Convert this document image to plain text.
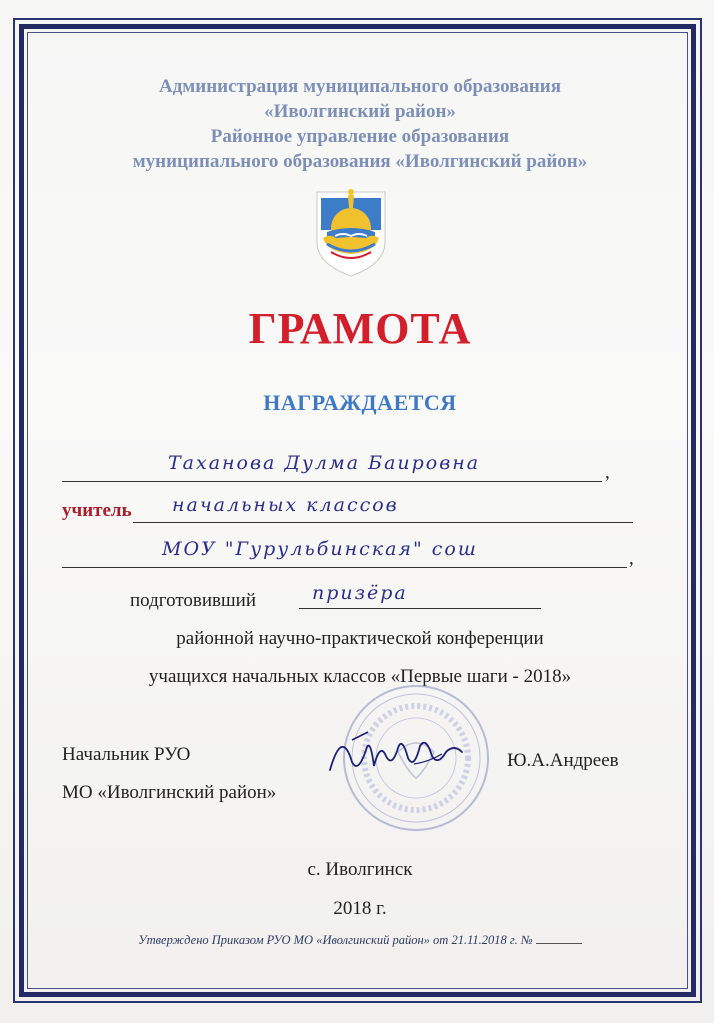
Администрация муниципального образования
«Иволгинский район»
Районное управление образования
муниципального образования «Иволгинский район»
ГРАМОТА
НАГРАЖДАЕТСЯ
Таханова Дулма Баировна	,
учитель начальных классов
МОУ "Гурульбинская" сош	,
подготовивший	призёра
районной научно-практической конференции
учащихся начальных классов «Первые шаги - 2018»
Начальник РУО
МО «Иволгинский район»
Ю.А.Андреев
с. Иволгинск
2018 г.
Утверждено Приказом РУО МО «Иволгинский район» от 21.11.2018 г. №
